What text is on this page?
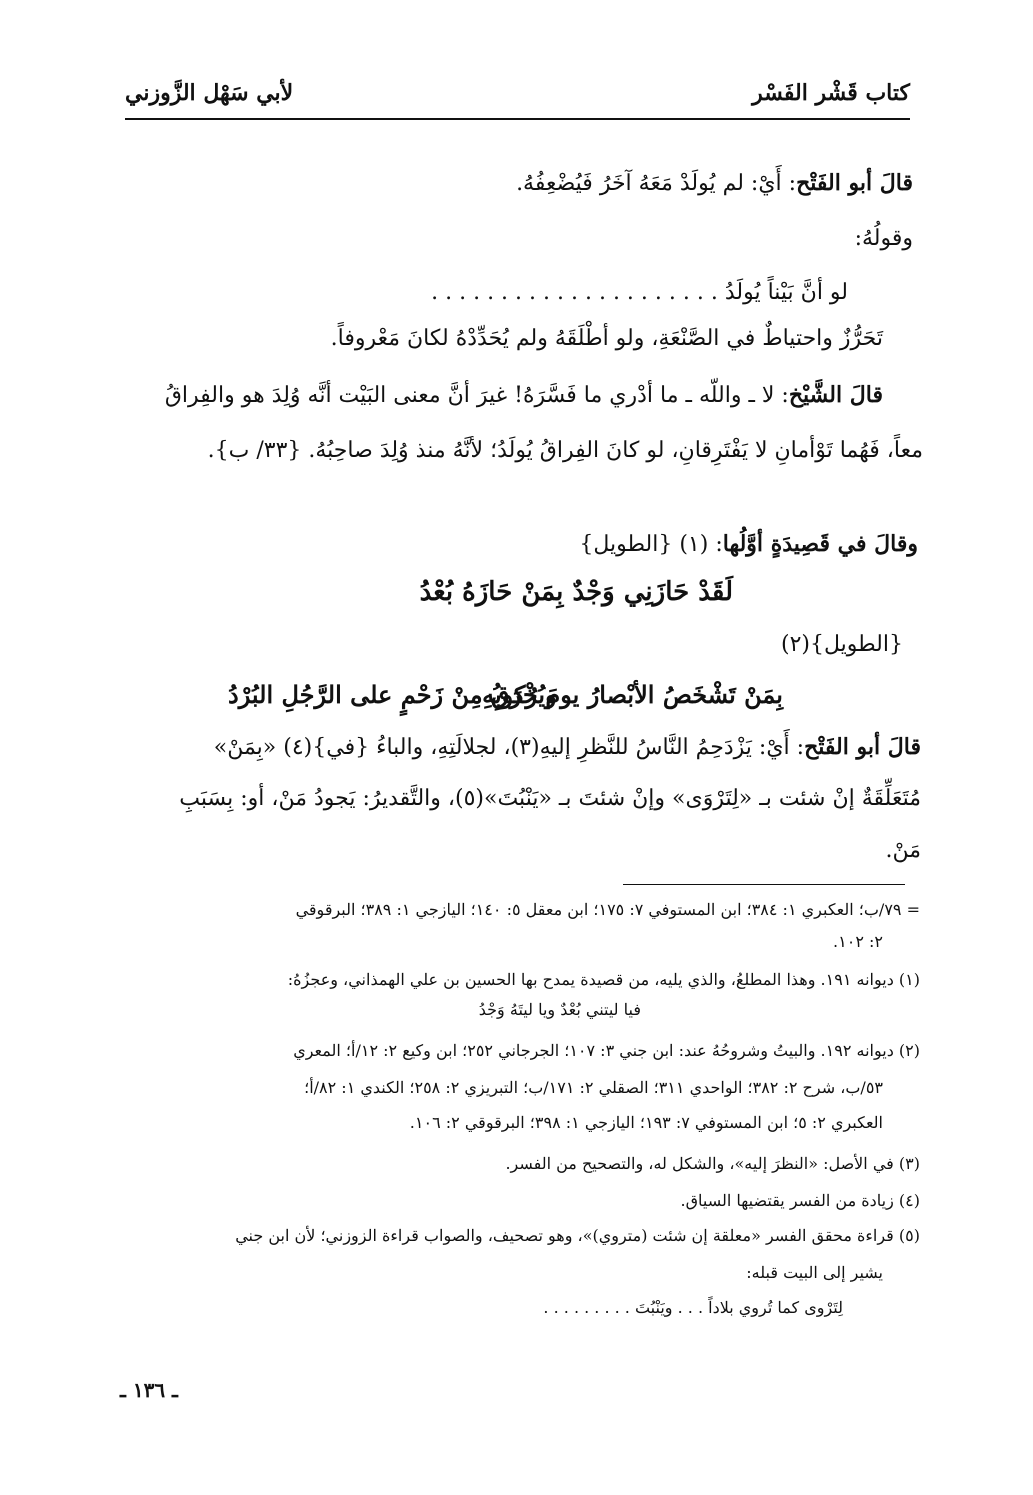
كتاب قَشْر الفَسْر
لأبي سَهْل الزَّوزني
قالَ أبو الفَتْح: أَيْ: لم يُولَدْ مَعَهُ آخَرُ فَيُضْعِفُهُ.
وقولُهُ:
لو أنَّ بَيْناً يُولَدُ . . . . . . . . . . . . . . . . . . . . .
تَحَرُّزٌ واحتياطٌ في الصَّنْعَةِ، ولو أطْلَقَهُ ولم يُحَدِّدْهُ لكانَ مَعْروفاً.
قالَ الشَّيْخ: لا ـ واللّه ـ ما أدْري ما فَسَّرَهُ! غيرَ أنَّ معنى البَيْت أنَّه وُلِدَ هو والفِراقُ
معاً، فَهُما تَوْأمانِ لا يَفْتَرِقانِ، لو كانَ الفِراقُ يُولَدُ؛ لأنَّهُ منذ وُلِدَ صاحِبُهُ. {٣٣/ ب}.
وقالَ في قَصِيدَةٍ أوَّلُها: (١) {الطويل}
لَقَدْ حَازَنِي وَجْدٌ بِمَنْ حَازَهُ بُعْدُ
{الطويل}(٢)
بِمَنْ تَشْخَصُ الأبْصارُ يومَ رُكوبِهِ
ويُخْرَقُ مِنْ زَحْمٍ على الرَّجُلِ البُرْدُ
قالَ أبو الفَتْح: أَيْ: يَزْدَحِمُ النَّاسُ للنَّظرِ إليهِ(٣)، لجلالَتِهِ، والباءُ {في}(٤) «بِمَنْ»
مُتَعَلِّقَةٌ إنْ شئت بـ «لِتَرْوَى» وإنْ شئتَ بـ «يَنْبُتَ»(٥)، والتَّقديرُ: يَجودُ مَنْ، أو: بِسَبَبِ
مَنْ.
= ٧٩/ب؛ العكبري ١: ٣٨٤؛ ابن المستوفي ٧: ١٧٥؛ ابن معقل ٥: ١٤٠؛ اليازجي ١: ٣٨٩؛ البرقوقي
٢: ١٠٢.
(١) ديوانه ١٩١. وهذا المطلعُ، والذي يليه، من قصيدة يمدح بها الحسين بن علي الهمذاني، وعجزُهُ:
فيا ليتني بُعْدٌ ويا ليتَهُ وَجْدُ
(٢) ديوانه ١٩٢. والبيتُ وشروحُهُ عند: ابن جني ٣: ١٠٧؛ الجرجاني ٢٥٢؛ ابن وكيع ٢: ١٢/أ؛ المعري
٥٣/ب، شرح ٢: ٣٨٢؛ الواحدي ٣١١؛ الصقلي ٢: ١٧١/ب؛ التبريزي ٢: ٢٥٨؛ الكندي ١: ٨٢/أ؛
العكبري ٢: ٥؛ ابن المستوفي ٧: ١٩٣؛ اليازجي ١: ٣٩٨؛ البرقوقي ٢: ١٠٦.
(٣) في الأصل: «النظرَ إليه»، والشكل له، والتصحيح من الفسر.
(٤) زيادة من الفسر يقتضيها السياق.
(٥) قراءة محقق الفسر «معلقة إن شئت (متروي)»، وهو تصحيف، والصواب قراءة الزوزني؛ لأن ابن جني
يشير إلى البيت قبله:
لِتَرْوى كما تُروي بلاداً . . . ويَنْبُتَ . . . . . . . . .
ـ ١٣٦ ـ
